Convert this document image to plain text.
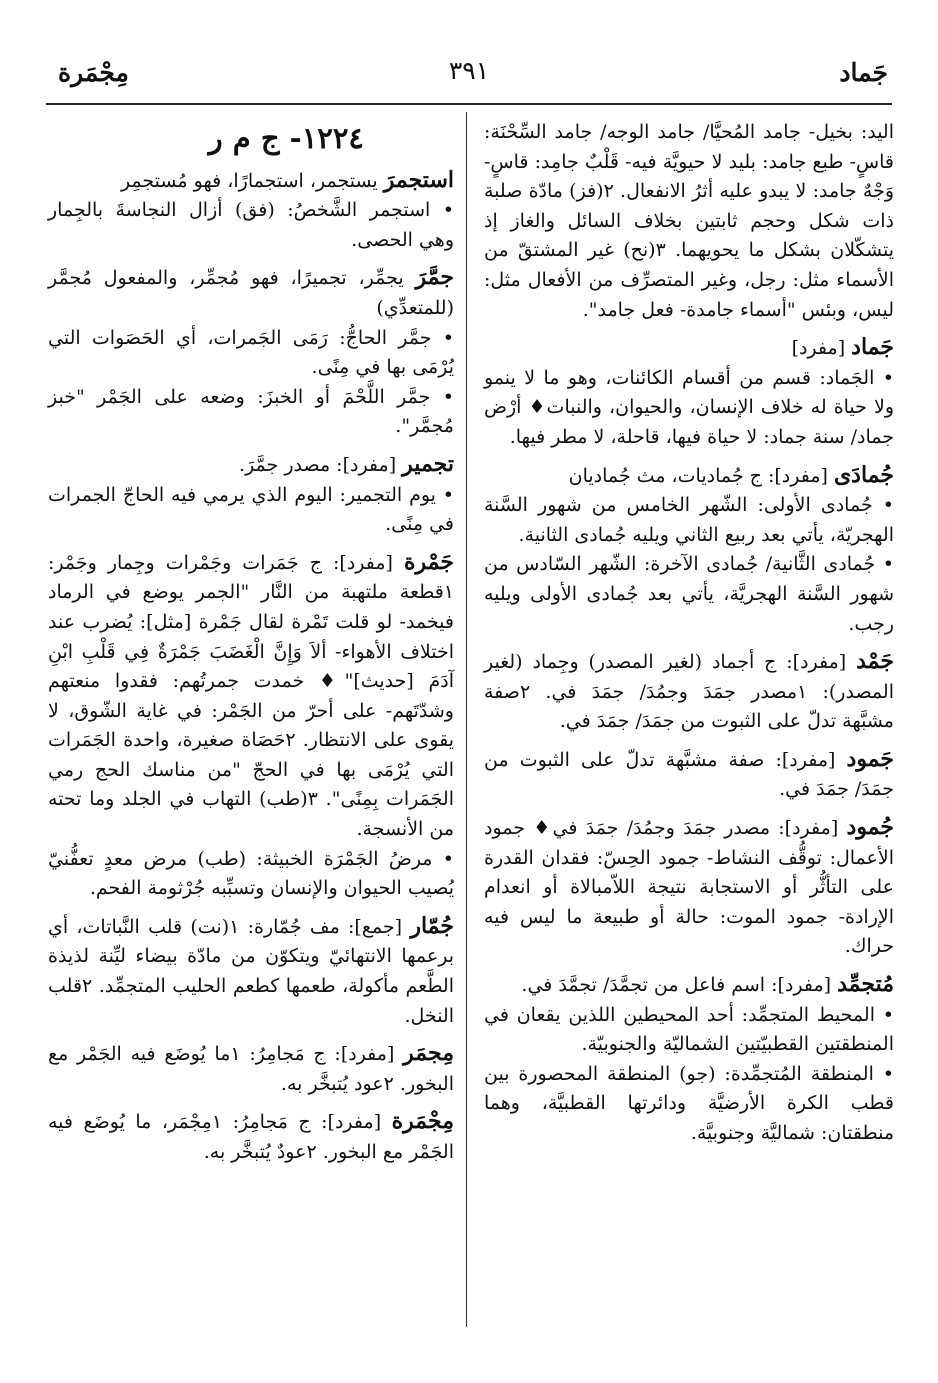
مِجْمَرة	٣٩١	جَماد

اليد: بخيل- جامد المُحيَّا/ جامد الوجه/ جامد السِّحْنَة: قاسٍ- طبع جامد: بليد لا حيويَّة فيه- قَلْبٌ جامِد: قاسٍ- وَجْهٌ جامد: لا يبدو عليه أثرُ الانفعال. ٢(فز) مادّة صلبة ذات شكل وحجم ثابتين بخلاف السائل والغاز إذ يتشكّلان بشكل ما يحويهما. ٣(نح) غير المشتقّ من الأسماء مثل: رجل، وغير المتصرِّف من الأفعال مثل: ليس، وبئس "أسماء جامدة- فعل جامد".

جَماد [مفرد]

• الجَماد: قسم من أقسام الكائنات، وهو ما لا ينمو ولا حياة له خلاف الإنسان، والحيوان، والنبات♦ أرْض جماد/ سنة جماد: لا حياة فيها، قاحلة، لا مطر فيها.

جُمادَى [مفرد]: ج جُماديات، مث جُماديان

• جُمادى الأولى: الشّهر الخامس من شهور السَّنة الهجريّة، يأتي بعد ربيع الثاني ويليه جُمادى الثانية.

• جُمادى الثَّانية/ جُمادى الآخرة: الشّهر السّادس من شهور السَّنة الهجريَّة، يأتي بعد جُمادى الأولى ويليه رجب.

جَمْد [مفرد]: ج أجماد (لغير المصدر) وجِماد (لغير المصدر): ١مصدر جمَدَ وجمُدَ/ جمَدَ في. ٢صفة مشبَّهة تدلّ على الثبوت من جمَدَ/ جمَدَ في.

جَمود [مفرد]: صفة مشبَّهة تدلّ على الثبوت من جمَدَ/ جمَدَ في.

جُمود [مفرد]: مصدر جمَدَ وجمُدَ/ جمَدَ في♦ جمود الأعمال: توقُّف النشاط- جمود الحِسّ: فقدان القدرة على التأثُّر أو الاستجابة نتيجة اللاّمبالاة أو انعدام الإرادة- جمود الموت: حالة أو طبيعة ما ليس فيه حراك.

مُتجمِّد [مفرد]: اسم فاعل من تجمَّدَ/ تجمَّدَ في.

• المحيط المتجمِّد: أحد المحيطين اللذين يقعان في المنطقتين القطبيّتين الشماليّة والجنوبيّة.

• المنطقة المُتجمِّدة: (جو) المنطقة المحصورة بين قطب الكرة الأرضيَّة ودائرتها القطبيَّة، وهما منطقتان: شماليَّة وجنوبيَّة.

١٢٢٤- ج م ر

استجمرَ يستجمر، استجمارًا، فهو مُستجمِر

• استجمر الشَّخصُ: (فق) أزال النجاسةَ بالجِمار وهي الحصى.

جمَّرَ يجمِّر، تجميرًا، فهو مُجمِّر، والمفعول مُجمَّر (للمتعدِّي)

• جمَّر الحاجُّ: رَمَى الجَمرات، أي الحَصَوات التي يُرْمَى بها في مِنًى.

• جمَّر اللَّحْمَ أو الخبزَ: وضعه على الجَمْر "خبز مُجمَّر".

تجمير [مفرد]: مصدر جمَّرَ.

• يوم التجمير: اليوم الذي يرمي فيه الحاجّ الجمرات في مِنًى.

جَمْرة [مفرد]: ج جَمَرات وجَمْرات وجِمار وجَمْر: ١قطعة ملتهبة من النَّار "الجمر يوضع في الرماد فيخمد- لو قلت تَمْرة لقال جَمْرة [مثل]: يُضرب عند اختلاف الأهواء- ألاَ وَإِنَّ الْغَضَبَ جَمْرَةٌ فِي قَلْبِ ابْنِ آدَمَ [حديث]"♦ خمدت جمرتُهم: فقدوا منعتهم وشدّتَهم- على أحرّ من الجَمْر: في غاية الشّوق، لا يقوى على الانتظار. ٢حَصَاة صغيرة، واحدة الجَمَرات التي يُرْمَى بها في الحجّ "من مناسك الحج رمي الجَمَرات بِمِنًى". ٣(طب) التهاب في الجلد وما تحته من الأنسجة.

• مرضُ الجَمْرَة الخبيثة: (طب) مرض معدٍ تعفُّنيّ يُصيب الحيوان والإنسان وتسبِّبه جُرْثومة الفحم.

جُمّار [جمع]: مف جُمّارة: ١(نت) قلب النَّباتات، أي برعمها الانتهائيّ ويتكوّن من مادّة بيضاء ليِّنة لذيذة الطَّعم مأكولة، طعمها كطعم الحليب المتجمِّد. ٢قلب النخل.

مِجمَر [مفرد]: ج مَجامِرُ: ١ما يُوضَع فيه الجَمْر مع البخور. ٢عود يُتبخَّر به.

مِجْمَرة [مفرد]: ج مَجامِرُ: ١مِجْمَر، ما يُوضَع فيه الجَمْر مع البخور. ٢عودٌ يُتبخَّر به.
